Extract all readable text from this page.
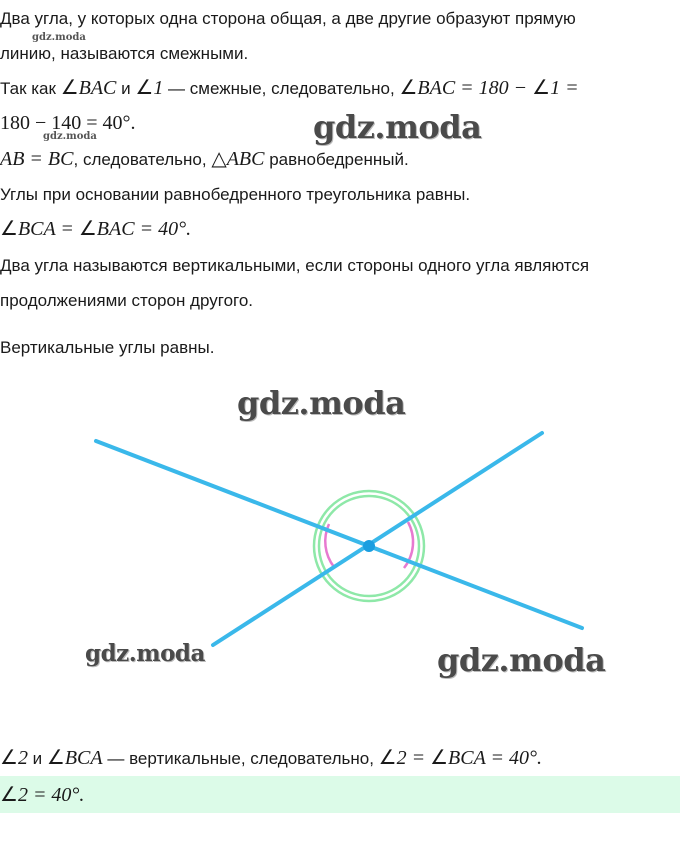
Два угла, у которых одна сторона общая, а две другие образуют прямую
линию, называются смежными.
Так как ∠BAC и ∠1 — смежные, следовательно, ∠BAC = 180 − ∠1 =
180 − 140 = 40°.
AB = BC, следовательно, △ABC равнобедренный.
Углы при основании равнобедренного треугольника равны.
∠BCA = ∠BAC = 40°.
Два угла называются вертикальными, если стороны одного угла являются
продолжениями сторон другого.
Вертикальные углы равны.
gdz.moda
gdz.moda	gdz.moda
gdz.moda
gdz.moda	gdz.moda
∠2 и ∠BCA — вертикальные, следовательно, ∠2 = ∠BCA = 40°.
∠2 = 40°.
